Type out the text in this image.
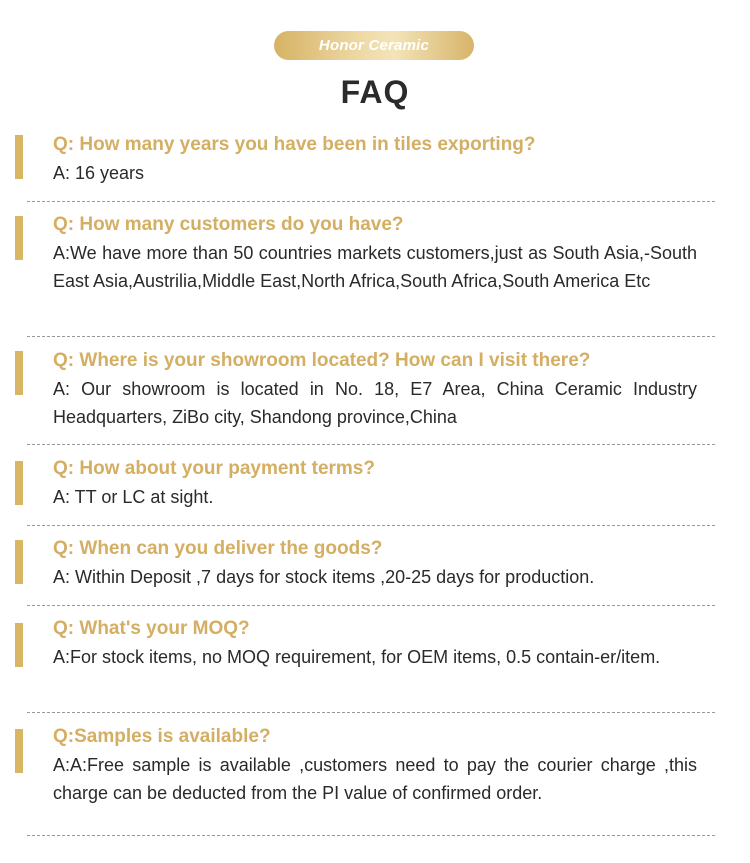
Honor Ceramic
FAQ
Q: How many years you have been in tiles exporting?
A: 16 years
Q: How many customers do you have?
A:We have more than 50 countries markets customers,just as South Asia,-South East Asia,Austrilia,Middle East,North Africa,South Africa,South America Etc
Q: Where is your showroom located? How can I visit there?
A: Our showroom is located in No. 18, E7 Area, China Ceramic Industry Headquarters, ZiBo city, Shandong province,China
Q: How about your payment terms?
A: TT or LC at sight.
Q: When can you deliver the goods?
A: Within Deposit ,7 days for stock items ,20-25 days for production.
Q: What's your MOQ?
A:For stock items, no MOQ requirement, for OEM items, 0.5 contain-er/item.
Q:Samples is available?
A:A:Free sample is available ,customers need to pay the courier charge ,this charge can be deducted from the PI value of confirmed order.
